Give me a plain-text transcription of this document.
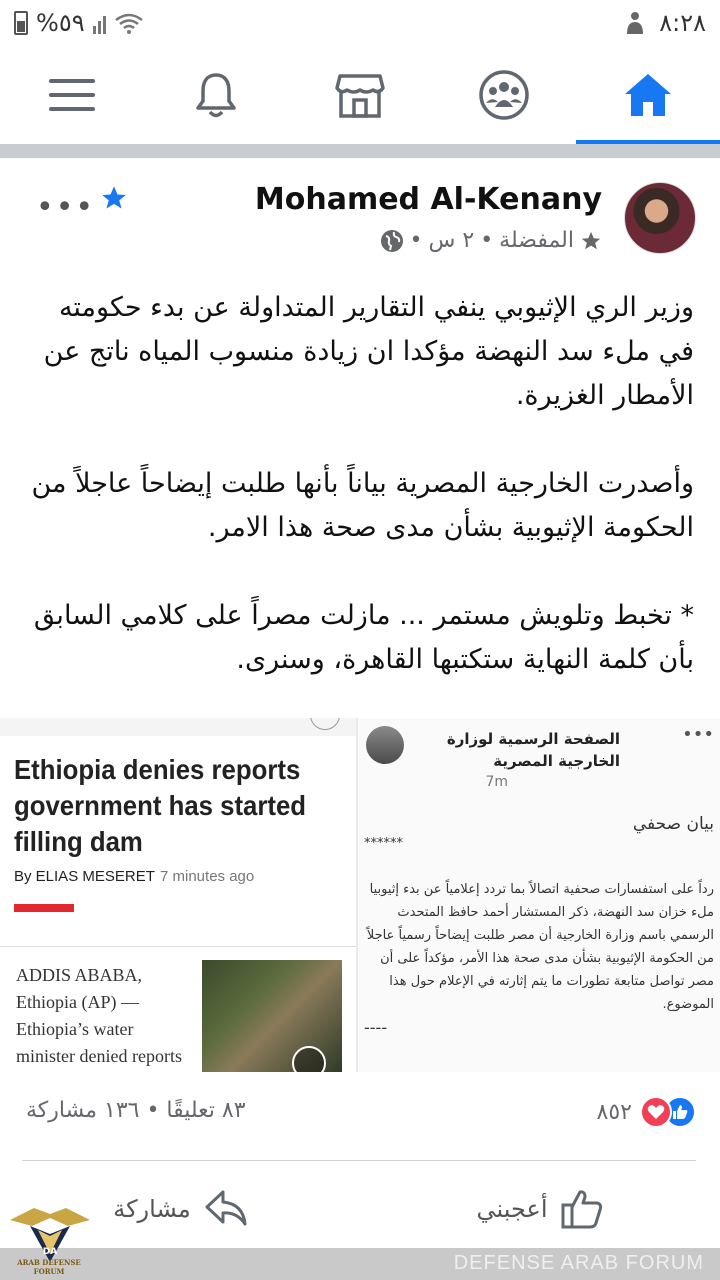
%٥٩	٨:٢٨
Mohamed Al-Kenany
المفضلة
•
٢ س
•
•••

وزير الري الإثيوبي ينفي التقارير المتداولة عن بدء حكومته في ملء سد النهضة مؤكدا ان زيادة منسوب المياه ناتج عن الأمطار الغزيرة.

وأصدرت الخارجية المصرية بياناً بأنها طلبت إيضاحاً عاجلاً من الحكومة الإثيوبية بشأن مدى صحة هذا الامر.

* تخبط وتلويش مستمر ... مازلت مصراً على كلامي السابق بأن كلمة النهاية ستكتبها القاهرة، وسنرى.

Ethiopia denies reports government has started filling dam
By ELIAS MESERET 7 minutes ago
ADDIS ABABA, Ethiopia (AP) — Ethiopia’s water minister denied reports
•••
الصفحة الرسمية لوزارة الخارجية المصرية
7m
بيان صحفي
******
رداً على استفسارات صحفية اتصالاً بما تردد إعلامياً عن بدء إثيوبيا ملء خزان سد النهضة، ذكر المستشار أحمد حافظ المتحدث الرسمي باسم وزارة الخارجية أن مصر طلبت إيضاحاً رسمياً عاجلاً من الحكومة الإثيوبية بشأن مدى صحة هذا الأمر، مؤكداً على أن مصر تواصل متابعة تطورات ما يتم إثارته في الإعلام حول هذا الموضوع.
----
٨٥٢
٨٣ تعليقًا • ١٣٦ مشاركة
مشاركة	أعجبني
DEFENSE ARAB FORUM
DA
ARAB DEFENSE FORUM
